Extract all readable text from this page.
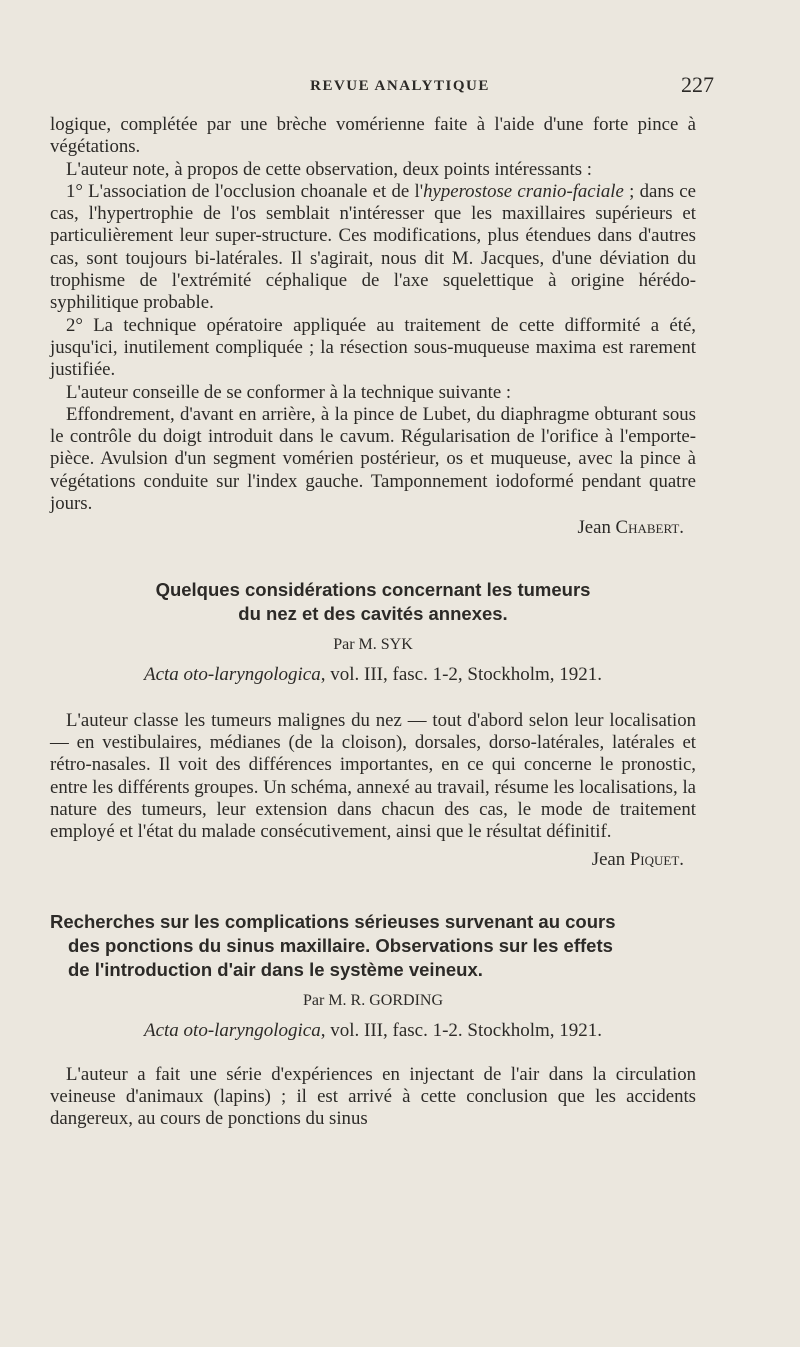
REVUE ANALYTIQUE	227

logique, complétée par une brèche vomérienne faite à l'aide d'une forte pince à végétations.

L'auteur note, à propos de cette observation, deux points intéressants :

1° L'association de l'occlusion choanale et de l'hyperostose cranio-faciale ; dans ce cas, l'hypertrophie de l'os semblait n'intéresser que les maxillaires supérieurs et particulièrement leur super-structure. Ces modifications, plus étendues dans d'autres cas, sont toujours bi-latérales. Il s'agirait, nous dit M. Jacques, d'une déviation du trophisme de l'extrémité céphalique de l'axe squelettique à origine hérédo-syphilitique probable.

2° La technique opératoire appliquée au traitement de cette difformité a été, jusqu'ici, inutilement compliquée ; la résection sous-muqueuse maxima est rarement justifiée.

L'auteur conseille de se conformer à la technique suivante :

Effondrement, d'avant en arrière, à la pince de Lubet, du diaphragme obturant sous le contrôle du doigt introduit dans le cavum. Régularisation de l'orifice à l'emporte-pièce. Avulsion d'un segment vomérien postérieur, os et muqueuse, avec la pince à végétations conduite sur l'index gauche. Tamponnement iodoformé pendant quatre jours.

Jean Chabert.
Quelques considérations concernant les tumeurs
du nez et des cavités annexes.
Par M. SYK
Acta oto-laryngologica, vol. III, fasc. 1-2, Stockholm, 1921.

L'auteur classe les tumeurs malignes du nez — tout d'abord selon leur localisation — en vestibulaires, médianes (de la cloison), dorsales, dorso-latérales, latérales et rétro-nasales. Il voit des différences importantes, en ce qui concerne le pronostic, entre les différents groupes. Un schéma, annexé au travail, résume les localisations, la nature des tumeurs, leur extension dans chacun des cas, le mode de traitement employé et l'état du malade consécutivement, ainsi que le résultat définitif.

Jean Piquet.
Recherches sur les complications sérieuses survenant au cours
des ponctions du sinus maxillaire. Observations sur les effets
de l'introduction d'air dans le système veineux.
Par M. R. GORDING
Acta oto-laryngologica, vol. III, fasc. 1-2. Stockholm, 1921.

L'auteur a fait une série d'expériences en injectant de l'air dans la circulation veineuse d'animaux (lapins) ; il est arrivé à cette conclusion que les accidents dangereux, au cours de ponctions du sinus
